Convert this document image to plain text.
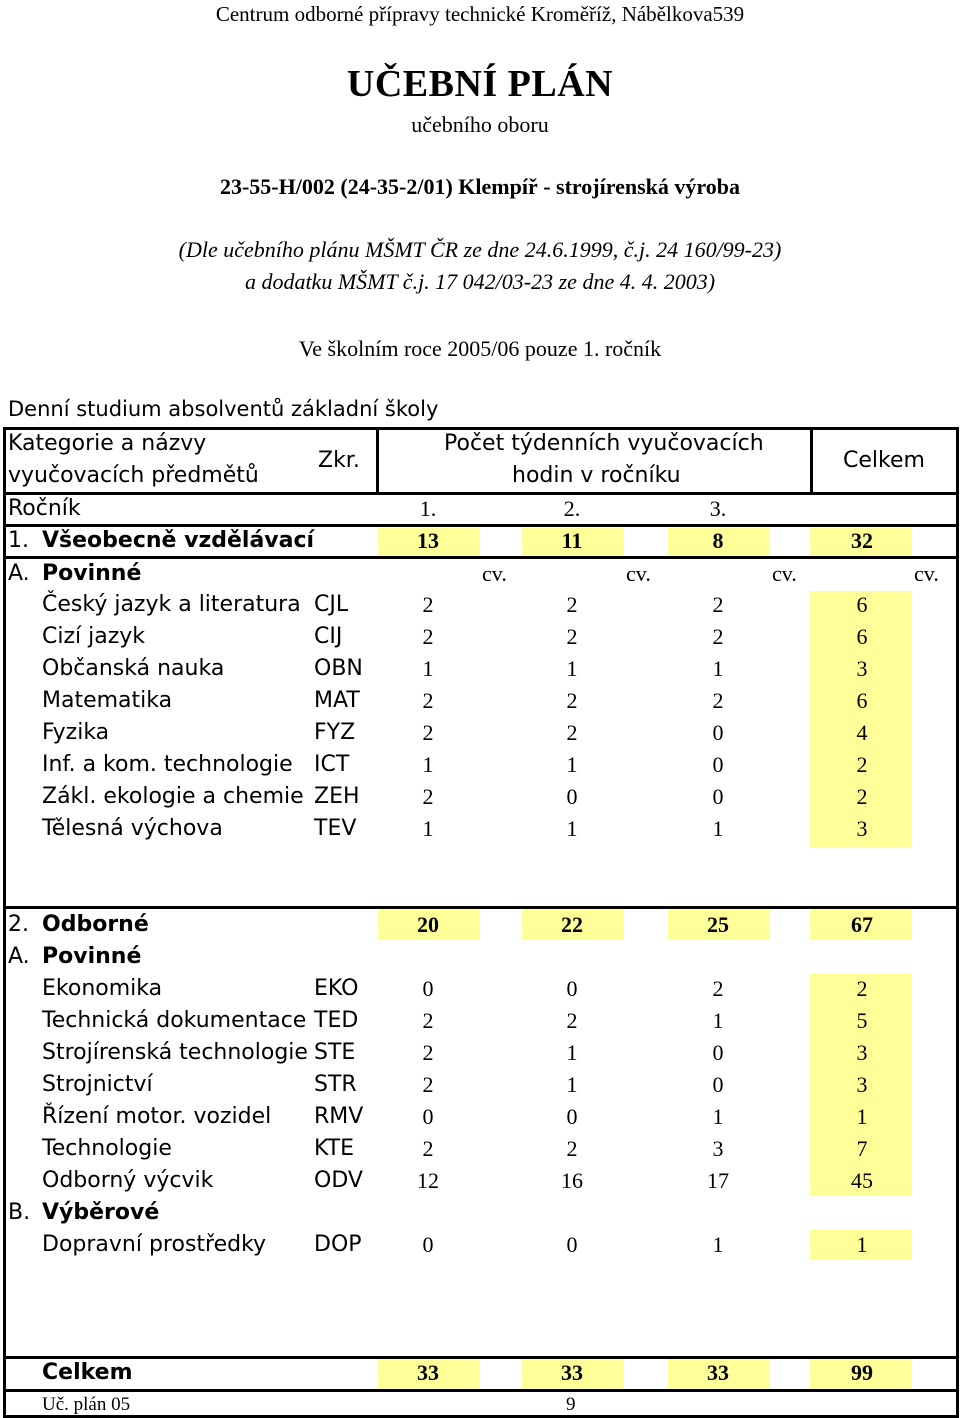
Centrum odborné přípravy technické Kroměříž, Nábělkova539
UČEBNÍ PLÁN
učebního oboru
23-55-H/002 (24-35-2/01) Klempíř - strojírenská výroba
(Dle učebního plánu MŠMT ČR ze dne 24.6.1999, č.j. 24 160/99-23)
a dodatku MŠMT č.j. 17 042/03-23 ze dne 4. 4. 2003)
Ve školním roce 2005/06 pouze 1. ročník
Denní studium absolventů základní školy
Kategorie a názvy
vyučovacích předmětů
Zkr.
Počet týdenních vyučovacích
hodin v ročníku
Celkem
Ročník	1.	2.	3.
1. Všeobecně vzdělávací	13	11	8	32
A. Povinné	cv.	cv.	cv.	cv.
Český jazyk a literatura CJL	2	2	2	6
Cizí jazyk	CIJ	2	2	2	6
Občanská nauka	OBN	1	1	1	3
Matematika	MAT	2	2	2	6
Fyzika	FYZ	2	2	0	4
Inf. a kom. technologie ICT	1	1	0	2
Zákl. ekologie a chemie ZEH	2	0	0	2
Tělesná výchova	TEV	1	1	1	3
2. Odborné	20	22	25	67
A. Povinné
Ekonomika	EKO	0	0	2	2
Technická dokumentace TED	2	2	1	5
Strojírenská technologie STE	2	1	0	3
Strojnictví	STR	2	1	0	3
Řízení motor. vozidel RMV	0	0	1	1
Technologie	KTE	2	2	3	7
Odborný výcvik	ODV	12	16	17	45
B. Výběrové
Dopravní prostředky DOP	0	0	1	1
Celkem	33	33	33	99
Uč. plán 05	9
